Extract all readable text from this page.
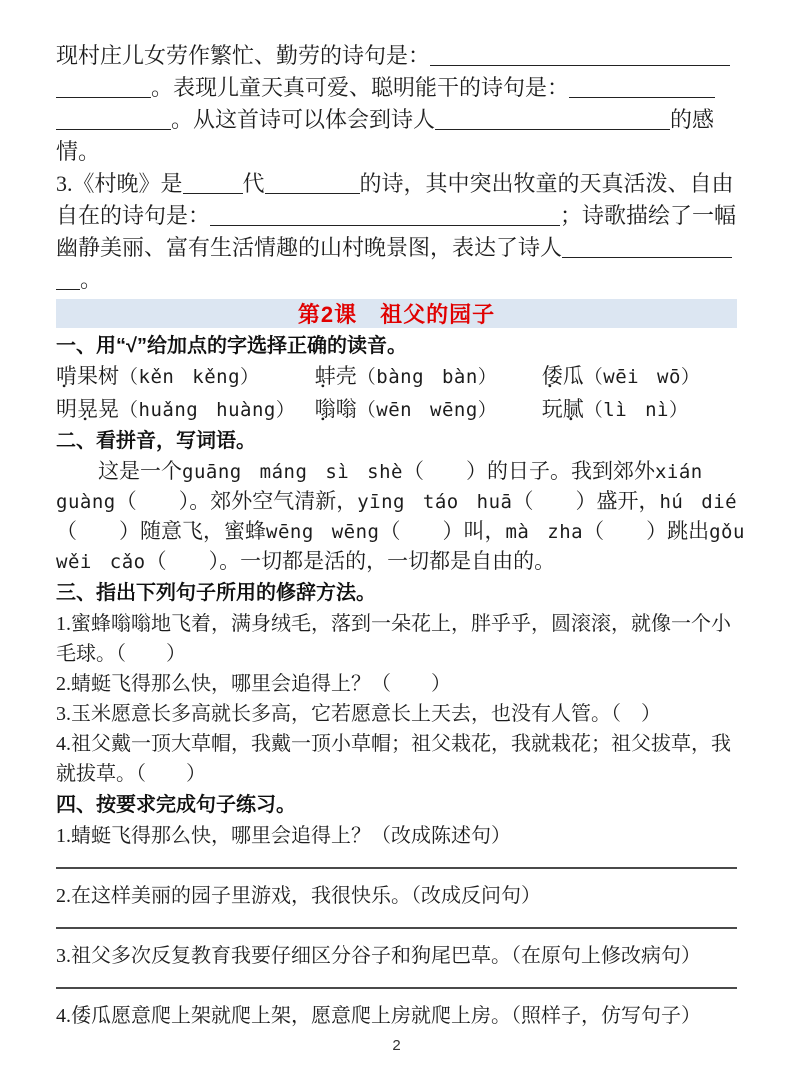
现村庄儿女劳作繁忙、勤劳的诗句是：

。表现儿童天真可爱、聪明能干的诗句是：

。从这首诗可以体会到诗人	的感

情。

3.《村晚》是	代	的诗，其中突出牧童的天真活泼、自由

自在的诗句是：	；诗歌描绘了一幅

幽静美丽、富有生活情趣的山村晚景图，表达了诗人

。

第2课　祖父的园子
一、用“√”给加点的字选择正确的读音。
啃果树（kěn kěng）	蚌壳（bàng bàn）	倭瓜（wēi wō）
明晃晃（huǎng huàng） 嗡嗡（wēn wēng）	玩腻（lì nì）
二、看拼音，写词语。

　　这是一个guāng máng sì shè（　　）的日子。我到郊外xián

guàng（　　）。郊外空气清新，yīng táo huā（　　）盛开，hú dié

（　　）随意飞，蜜蜂wēng wēng（　　）叫，mà zha（　　）跳出gǒu

wěi cǎo（　　）。一切都是活的，一切都是自由的。

三、指出下列句子所用的修辞方法。

1.蜜蜂嗡嗡地飞着，满身绒毛，落到一朵花上，胖乎乎，圆滚滚，就像一个小毛球。（　　）

2.蜻蜓飞得那么快，哪里会追得上？（　　）

3.玉米愿意长多高就长多高，它若愿意长上天去，也没有人管。（　）

4.祖父戴一顶大草帽，我戴一顶小草帽；祖父栽花，我就栽花；祖父拔草，我就拔草。（　　）

四、按要求完成句子练习。

1.蜻蜓飞得那么快，哪里会追得上？（改成陈述句）

2.在这样美丽的园子里游戏，我很快乐。（改成反问句）

3.祖父多次反复教育我要仔细区分谷子和狗尾巴草。（在原句上修改病句）

4.倭瓜愿意爬上架就爬上架，愿意爬上房就爬上房。（照样子，仿写句子）

2
